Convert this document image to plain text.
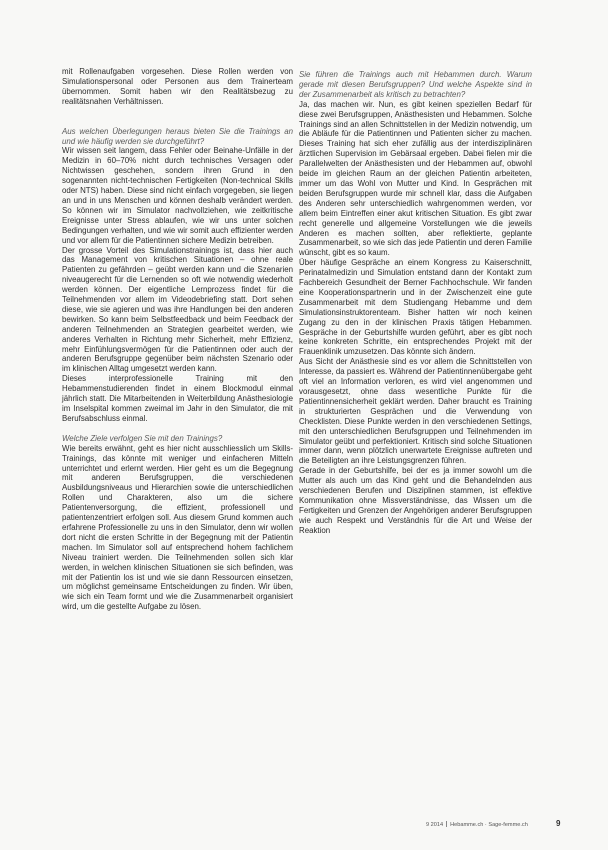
mit Rollenaufgaben vorgesehen. Diese Rollen werden von Simulationspersonal oder Personen aus dem Trainerteam übernommen. Somit haben wir den Realitätsbezug zu realitätsnahen Verhältnissen.

Aus welchen Überlegungen heraus bieten Sie die Trainings an und wie häufig werden sie durchgeführt?

Wir wissen seit langem, dass Fehler oder Beinahe-Unfälle in der Medizin in 60–70% nicht durch technisches Versagen oder Nichtwissen geschehen, sondern ihren Grund in den sogenannten nicht-technischen Fertigkeiten (Non-technical Skills oder NTS) haben. Diese sind nicht einfach vorgegeben, sie liegen an und in uns Menschen und können deshalb verändert werden. So können wir im Simulator nachvollziehen, wie zeitkritische Ereignisse unter Stress ablaufen, wie wir uns unter solchen Bedingungen verhalten, und wie wir somit auch effizienter werden und vor allem für die Patientinnen sichere Medizin betreiben.

Der grosse Vorteil des Simulationstrainings ist, dass hier auch das Management von kritischen Situationen – ohne reale Patienten zu gefährden – geübt werden kann und die Szenarien niveaugerecht für die Lernenden so oft wie notwendig wiederholt werden können. Der eigentliche Lernprozess findet für die Teilnehmenden vor allem im Videodebriefing statt. Dort sehen diese, wie sie agieren und was ihre Handlungen bei den anderen bewirken. So kann beim Selbstfeedback und beim Feedback der anderen Teilnehmenden an Strategien gearbeitet werden, wie anderes Verhalten in Richtung mehr Sicherheit, mehr Effizienz, mehr Einfühlungsvermögen für die Patientinnen oder auch der anderen Berufsgruppe gegenüber beim nächsten Szenario oder im klinischen Alltag umgesetzt werden kann.

Dieses interprofessionelle Training mit den Hebammenstudierenden findet in einem Blockmodul einmal jährlich statt. Die Mitarbeitenden in Weiterbildung Anästhesiologie im Inselspital kommen zweimal im Jahr in den Simulator, die mit Berufsabschluss einmal.

Welche Ziele verfolgen Sie mit den Trainings?

Wie bereits erwähnt, geht es hier nicht ausschliesslich um Skills-Trainings, das könnte mit weniger und einfacheren Mitteln unterrichtet und erlernt werden. Hier geht es um die Begegnung mit anderen Berufsgruppen, die verschiedenen Ausbildungsniveaus und Hierarchien sowie die unterschiedlichen Rollen und Charakteren, also um die sichere Patientenversorgung, die effizient, professionell und patientenzentriert erfolgen soll. Aus diesem Grund kommen auch erfahrene Professionelle zu uns in den Simulator, denn wir wollen dort nicht die ersten Schritte in der Begegnung mit der Patientin machen. Im Simulator soll auf entsprechend hohem fachlichem Niveau trainiert werden. Die Teilnehmenden sollen sich klar werden, in welchen klinischen Situationen sie sich befinden, was mit der Patientin los ist und wie sie dann Ressourcen einsetzen, um möglichst gemeinsame Entscheidungen zu finden. Wir üben, wie sich ein Team formt und wie die Zusammenarbeit organisiert wird, um die gestellte Aufgabe zu lösen.

Sie führen die Trainings auch mit Hebammen durch. Warum gerade mit diesen Berufsgruppen? Und welche Aspekte sind in der Zusammenarbeit als kritisch zu betrachten?

Ja, das machen wir. Nun, es gibt keinen speziellen Bedarf für diese zwei Berufsgruppen, Anästhesisten und Hebammen. Solche Trainings sind an allen Schnittstellen in der Medizin notwendig, um die Abläufe für die Patientinnen und Patienten sicher zu machen. Dieses Training hat sich eher zufällig aus der interdisziplinären ärztlichen Supervision im Gebärsaal ergeben. Dabei fielen mir die Parallelwelten der Anästhesisten und der Hebammen auf, obwohl beide im gleichen Raum an der gleichen Patientin arbeiteten, immer um das Wohl von Mutter und Kind. In Gesprächen mit beiden Berufsgruppen wurde mir schnell klar, dass die Aufgaben des Anderen sehr unterschiedlich wahrgenommen werden, vor allem beim Eintreffen einer akut kritischen Situation. Es gibt zwar recht generelle und allgemeine Vorstellungen wie die jeweils Anderen es machen sollten, aber reflektierte, geplante Zusammenarbeit, so wie sich das jede Patientin und deren Familie wünscht, gibt es so kaum.

Über häufige Gespräche an einem Kongress zu Kaiserschnitt, Perinatalmedizin und Simulation entstand dann der Kontakt zum Fachbereich Gesundheit der Berner Fachhochschule. Wir fanden eine Kooperationspartnerin und in der Zwischenzeit eine gute Zusammenarbeit mit dem Studiengang Hebamme und dem Simulationsinstruktorenteam. Bisher hatten wir noch keinen Zugang zu den in der klinischen Praxis tätigen Hebammen. Gespräche in der Geburtshilfe wurden geführt, aber es gibt noch keine konkreten Schritte, ein entsprechendes Projekt mit der Frauenklinik umzusetzen. Das könnte sich ändern.

Aus Sicht der Anästhesie sind es vor allem die Schnittstellen von Interesse, da passiert es. Während der Patientinnenübergabe geht oft viel an Information verloren, es wird viel angenommen und vorausgesetzt, ohne dass wesentliche Punkte für die Patientinnensicherheit geklärt werden. Daher braucht es Training in strukturierten Gesprächen und die Verwendung von Checklisten. Diese Punkte werden in den verschiedenen Settings, mit den unterschiedlichen Berufsgruppen und Teilnehmenden im Simulator geübt und perfektioniert. Kritisch sind solche Situationen immer dann, wenn plötzlich unerwartete Ereignisse auftreten und die Beteiligten an ihre Leistungsgrenzen führen.

Gerade in der Geburtshilfe, bei der es ja immer sowohl um die Mutter als auch um das Kind geht und die Behandelnden aus verschiedenen Berufen und Disziplinen stammen, ist effektive Kommunikation ohne Missverständnisse, das Wissen um die Fertigkeiten und Grenzen der Angehörigen anderer Berufsgruppen wie auch Respekt und Verständnis für die Art und Weise der Reaktion

9 2014 Hebamme.ch · Sage-femme.ch	9
